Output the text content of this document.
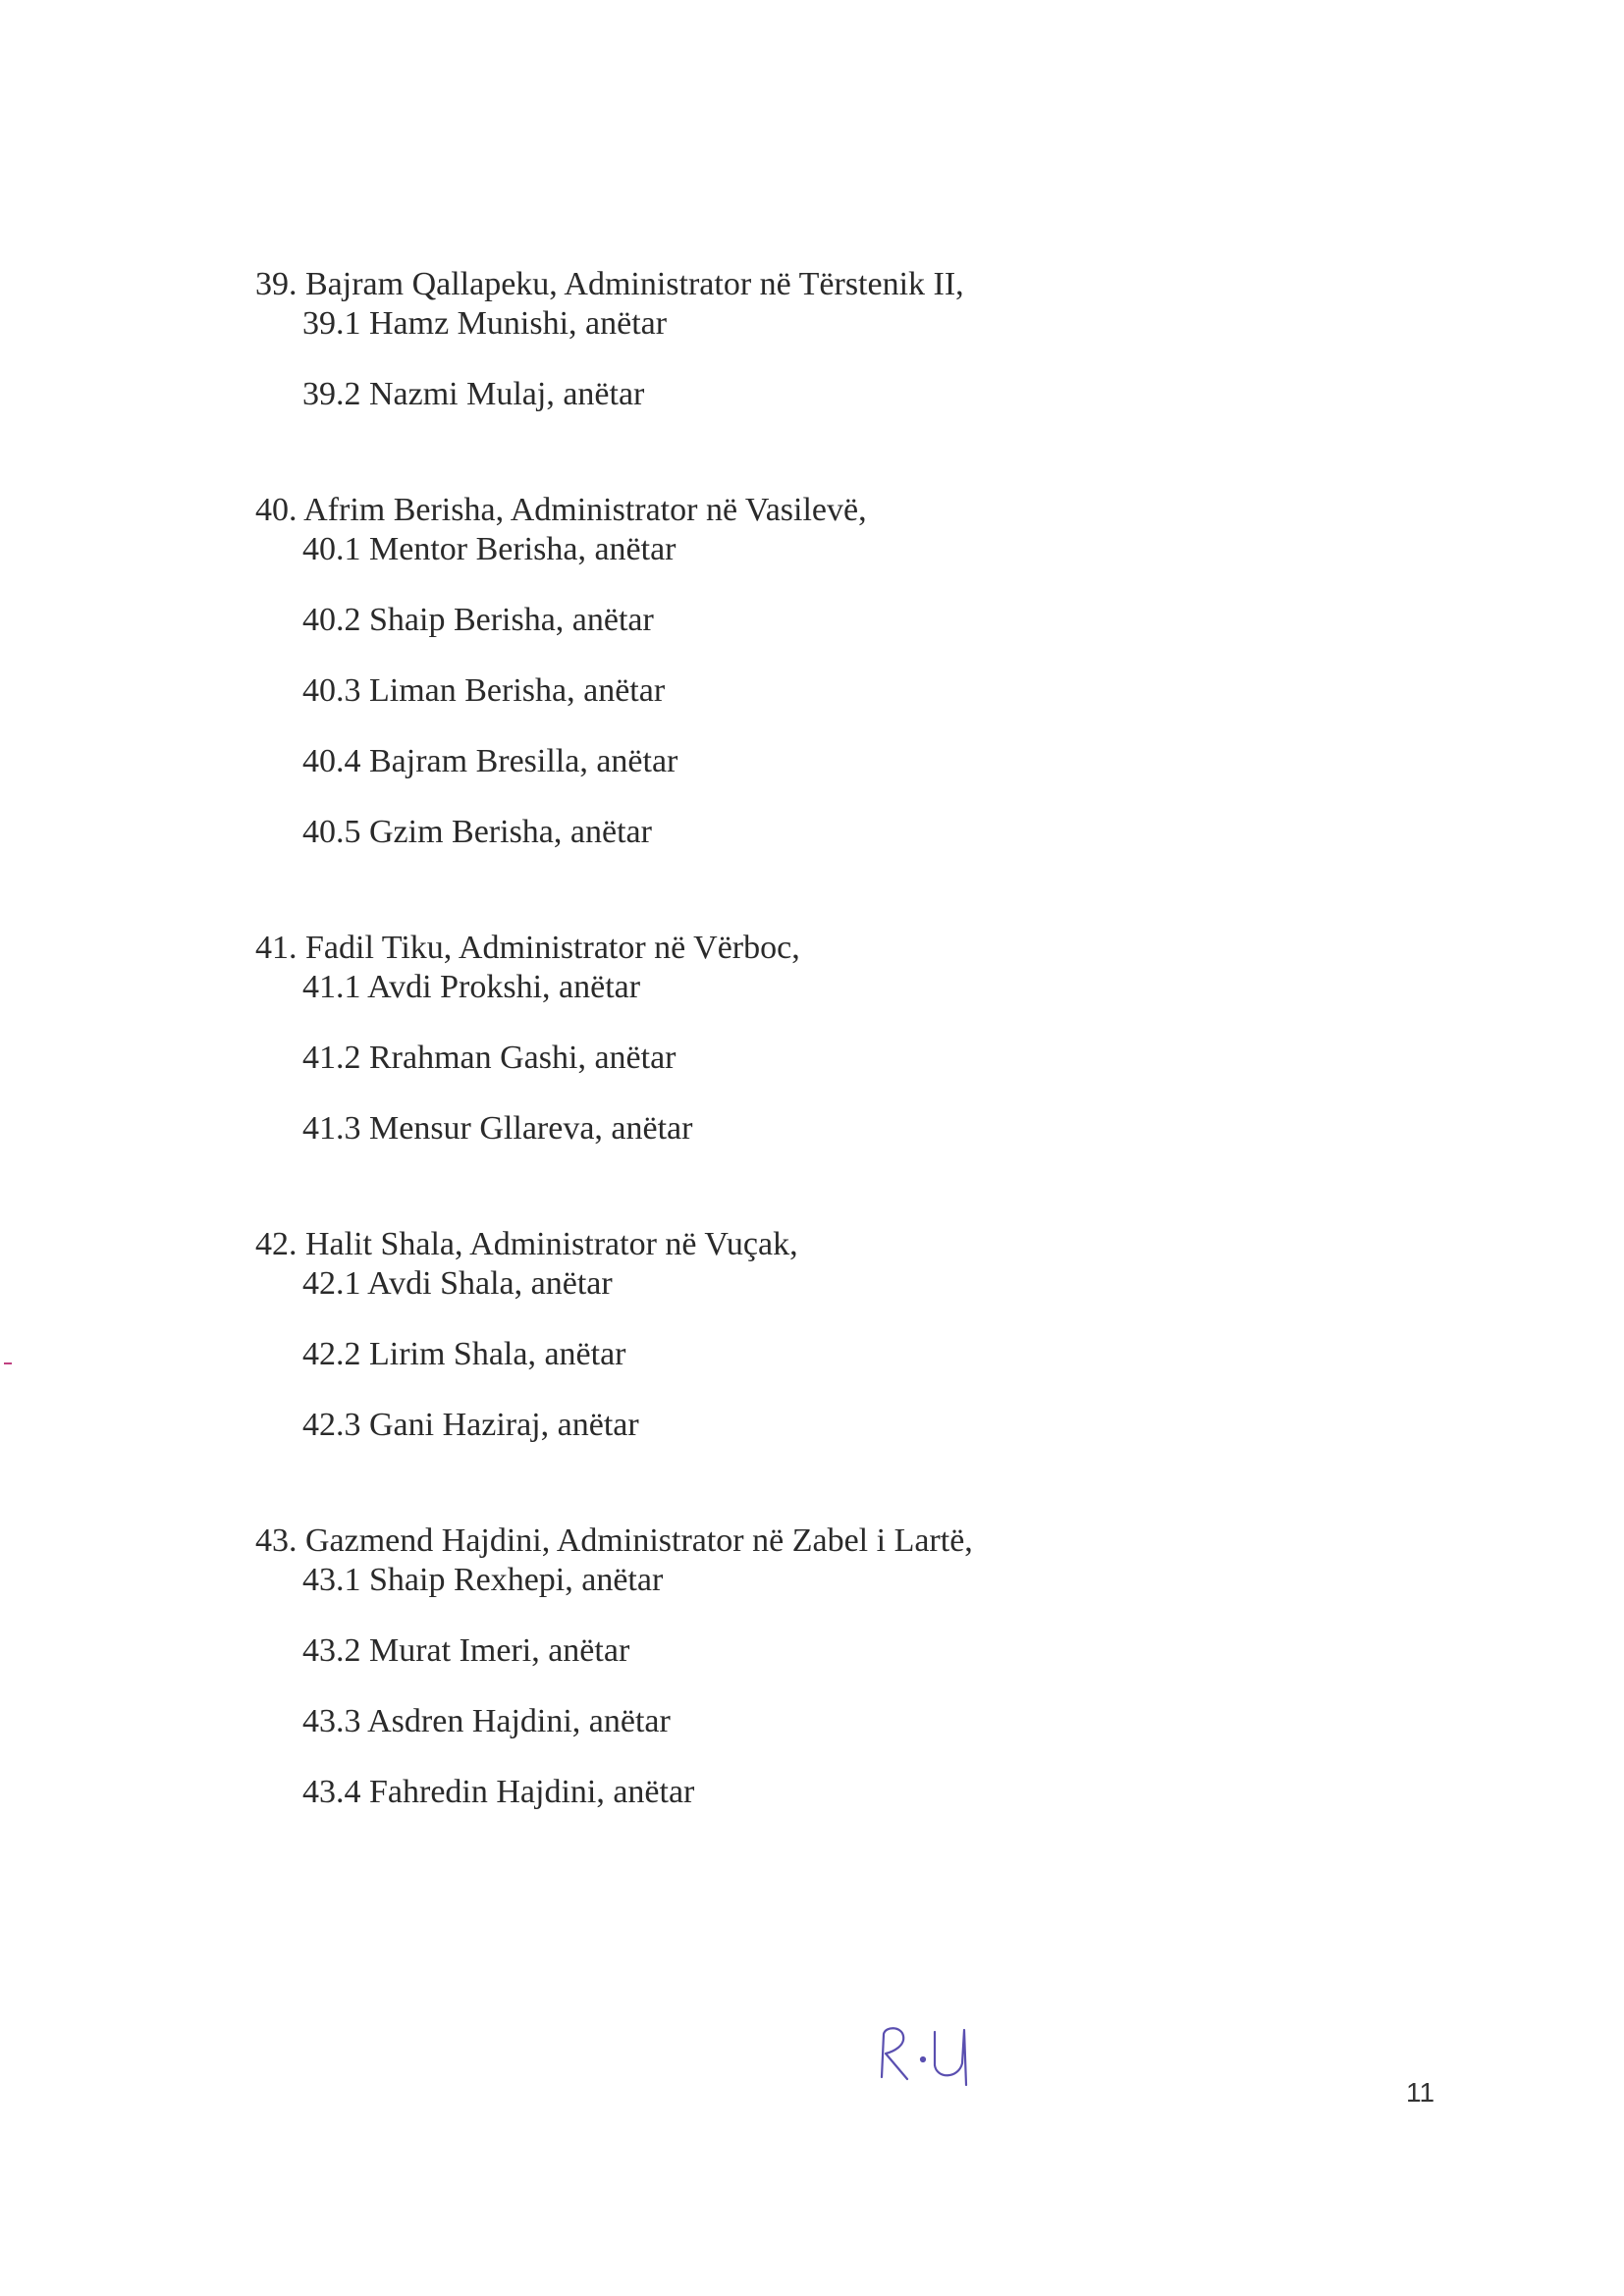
39. Bajram Qallapeku, Administrator në Tërstenik II,
39.1 Hamz Munishi, anëtar
39.2 Nazmi Mulaj, anëtar
40. Afrim Berisha, Administrator në Vasilevë,
40.1 Mentor Berisha, anëtar
40.2 Shaip Berisha, anëtar
40.3 Liman Berisha, anëtar
40.4 Bajram Bresilla, anëtar
40.5 Gzim Berisha, anëtar
41. Fadil Tiku, Administrator në Vërboc,
41.1 Avdi Prokshi, anëtar
41.2 Rrahman Gashi, anëtar
41.3 Mensur Gllareva, anëtar
42. Halit Shala, Administrator në Vuçak,
42.1 Avdi Shala, anëtar
42.2 Lirim Shala, anëtar
42.3 Gani Haziraj, anëtar
43. Gazmend Hajdini, Administrator në Zabel i Lartë,
43.1 Shaip Rexhepi, anëtar
43.2 Murat Imeri, anëtar
43.3 Asdren Hajdini, anëtar
43.4 Fahredin Hajdini, anëtar
11
